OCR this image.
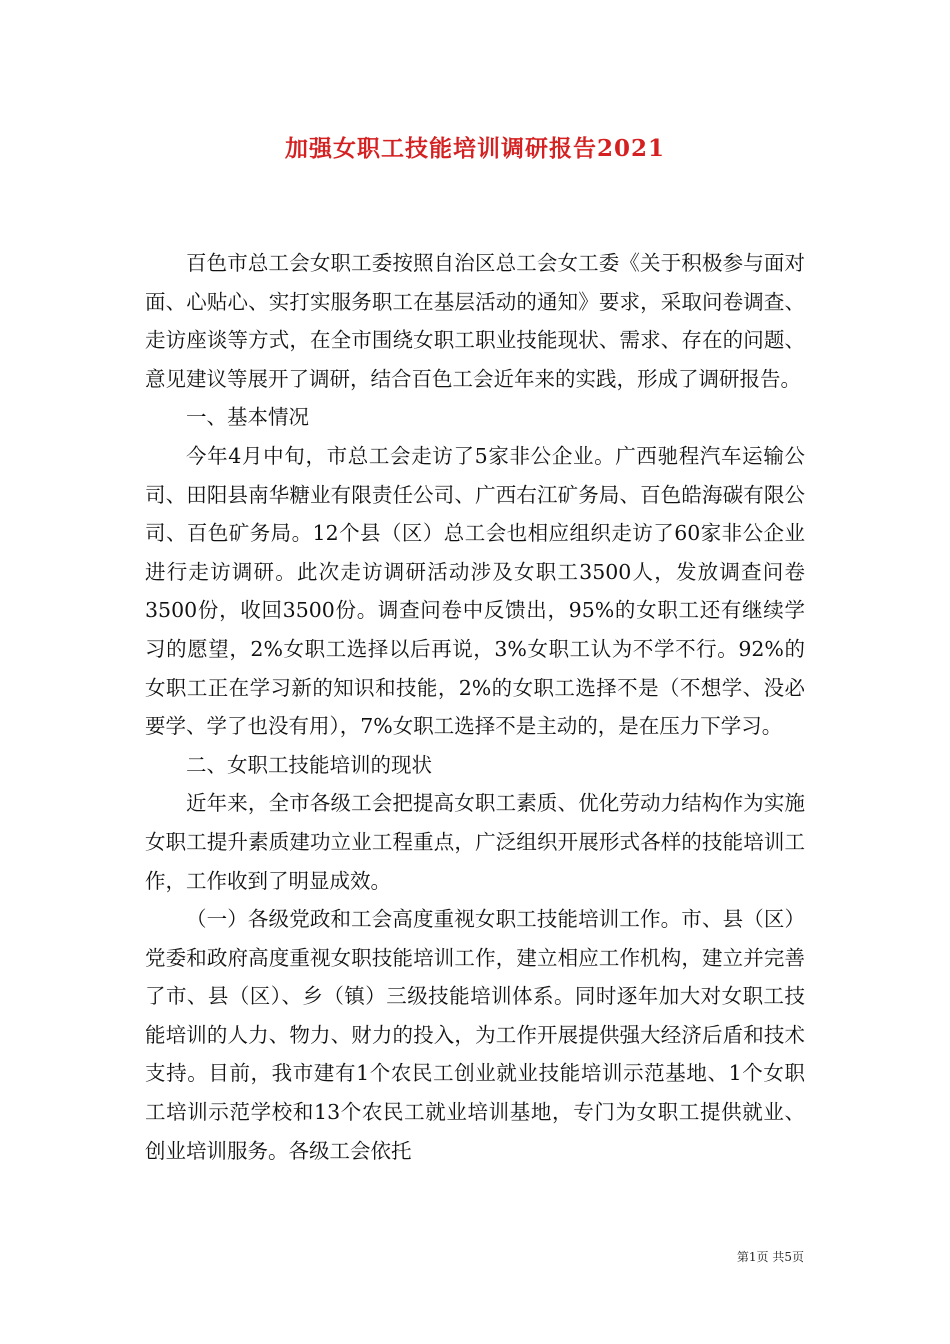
加强女职工技能培训调研报告2021

百色市总工会女职工委按照自治区总工会女工委《关于积极参与面对面、心贴心、实打实服务职工在基层活动的通知》要求，采取问卷调查、走访座谈等方式，在全市围绕女职工职业技能现状、需求、存在的问题、意见建议等展开了调研，结合百色工会近年来的实践，形成了调研报告。

一、基本情况

今年4月中旬，市总工会走访了5家非公企业。广西驰程汽车运输公司、田阳县南华糖业有限责任公司、广西右江矿务局、百色皓海碳有限公司、百色矿务局。12个县（区）总工会也相应组织走访了60家非公企业进行走访调研。此次走访调研活动涉及女职工3500人，发放调查问卷3500份，收回3500份。调查问卷中反馈出，95%的女职工还有继续学习的愿望，2%女职工选择以后再说，3%女职工认为不学不行。92%的女职工正在学习新的知识和技能，2%的女职工选择不是（不想学、没必要学、学了也没有用），7%女职工选择不是主动的，是在压力下学习。

二、女职工技能培训的现状

近年来，全市各级工会把提高女职工素质、优化劳动力结构作为实施女职工提升素质建功立业工程重点，广泛组织开展形式各样的技能培训工作，工作收到了明显成效。

（一）各级党政和工会高度重视女职工技能培训工作。市、县（区）党委和政府高度重视女职技能培训工作，建立相应工作机构，建立并完善了市、县（区）、乡（镇）三级技能培训体系。同时逐年加大对女职工技能培训的人力、物力、财力的投入，为工作开展提供强大经济后盾和技术支持。目前，我市建有1个农民工创业就业技能培训示范基地、1个女职工培训示范学校和13个农民工就业培训基地，专门为女职工提供就业、创业培训服务。各级工会依托

第1页 共5页
